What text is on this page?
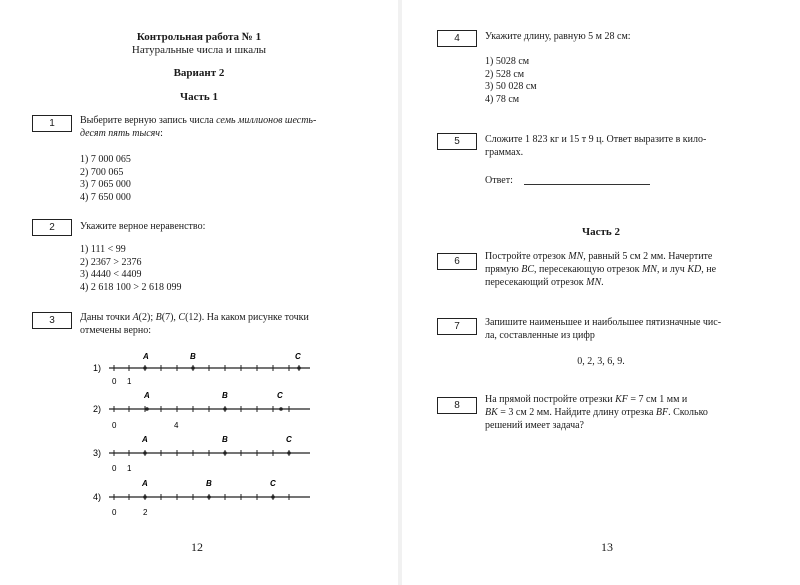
Контрольная работа № 1
Натуральные числа и шкалы
Вариант 2
Часть 1
1	Выберите верную запись числа семь миллионов шесть-
десят пять тысяч:
1) 7 000 065
2) 700 065
3) 7 065 000
4) 7 650 000
2	Укажите верное неравенство:
1) 111 < 99
2) 2367 > 2376
3) 4440 < 4409
4) 2 618 100 > 2 618 099
3	Даны точки A(2); B(7), C(12). На каком рисунке точки
отмечены верно:
1)
A	B	C
0 1
2)
A	B	C
0	4
3)
A	B	C
0 1
4)
A	B	C
0	2
12
4	Укажите длину, равную 5 м 28 см:
1) 5028 см
2) 528 см
3) 50 028 см
4) 78 см
5	Сложите 1 823 кг и 15 т 9 ц. Ответ выразите в кило-
граммах.
Ответ:
Часть 2
6	Постройте отрезок MN, равный 5 см 2 мм. Начертите
прямую BC, пересекающую отрезок MN, и луч KD, не
пересекающий отрезок MN.
7	Запишите наименьшее и наибольшее пятизначные чис-
ла, составленные из цифр
0, 2, 3, 6, 9.
8
На прямой постройте отрезки KF = 7 см 1 мм и
BK = 3 см 2 мм. Найдите длину отрезка BF. Сколько
решений имеет задача?
13
